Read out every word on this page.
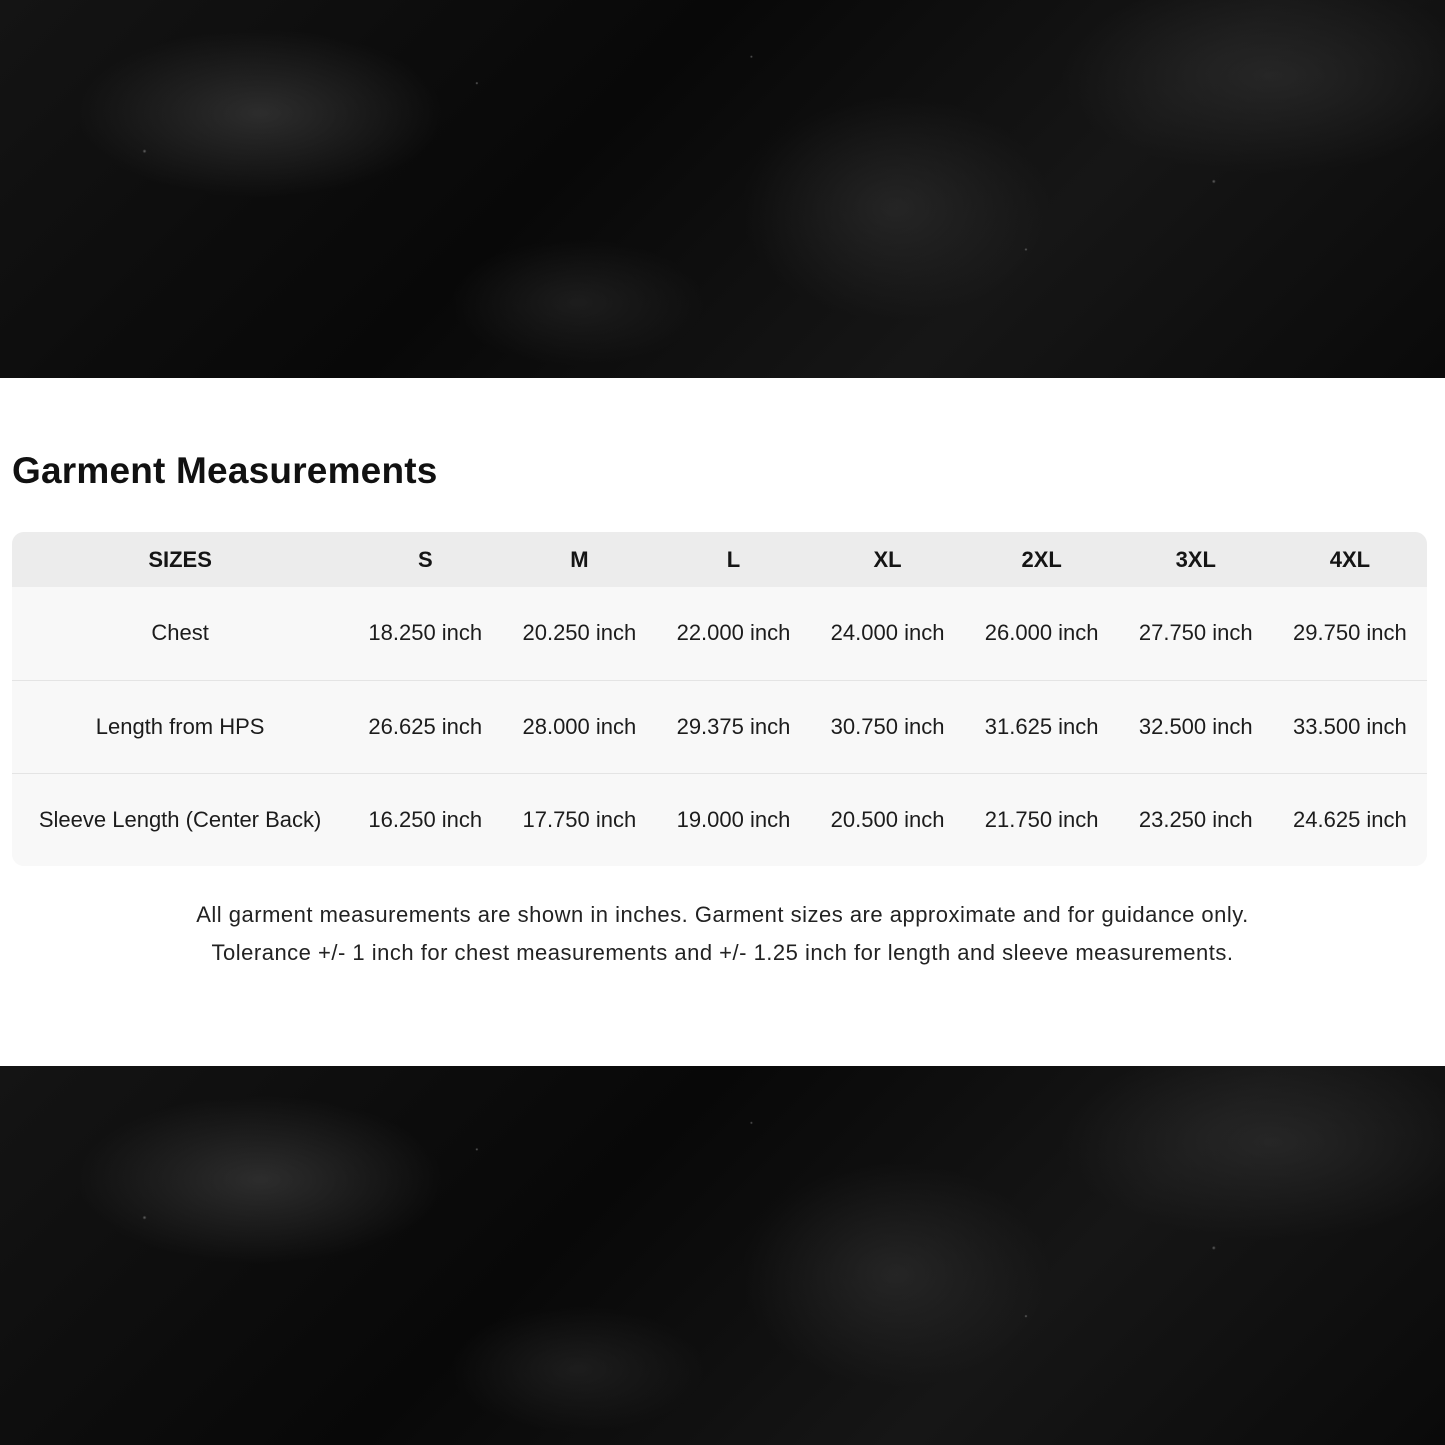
Garment Measurements
SIZES	S	M	L	XL	2XL	3XL	4XL
Chest	18.250 inch	20.250 inch	22.000 inch	24.000 inch	26.000 inch	27.750 inch	29.750 inch
Length from HPS	26.625 inch	28.000 inch	29.375 inch	30.750 inch	31.625 inch	32.500 inch	33.500 inch
Sleeve Length (Center Back)	16.250 inch	17.750 inch	19.000 inch	20.500 inch	21.750 inch	23.250 inch	24.625 inch

All garment measurements are shown in inches. Garment sizes are approximate and for guidance only.

Tolerance +/- 1 inch for chest measurements and +/- 1.25 inch for length and sleeve measurements.
